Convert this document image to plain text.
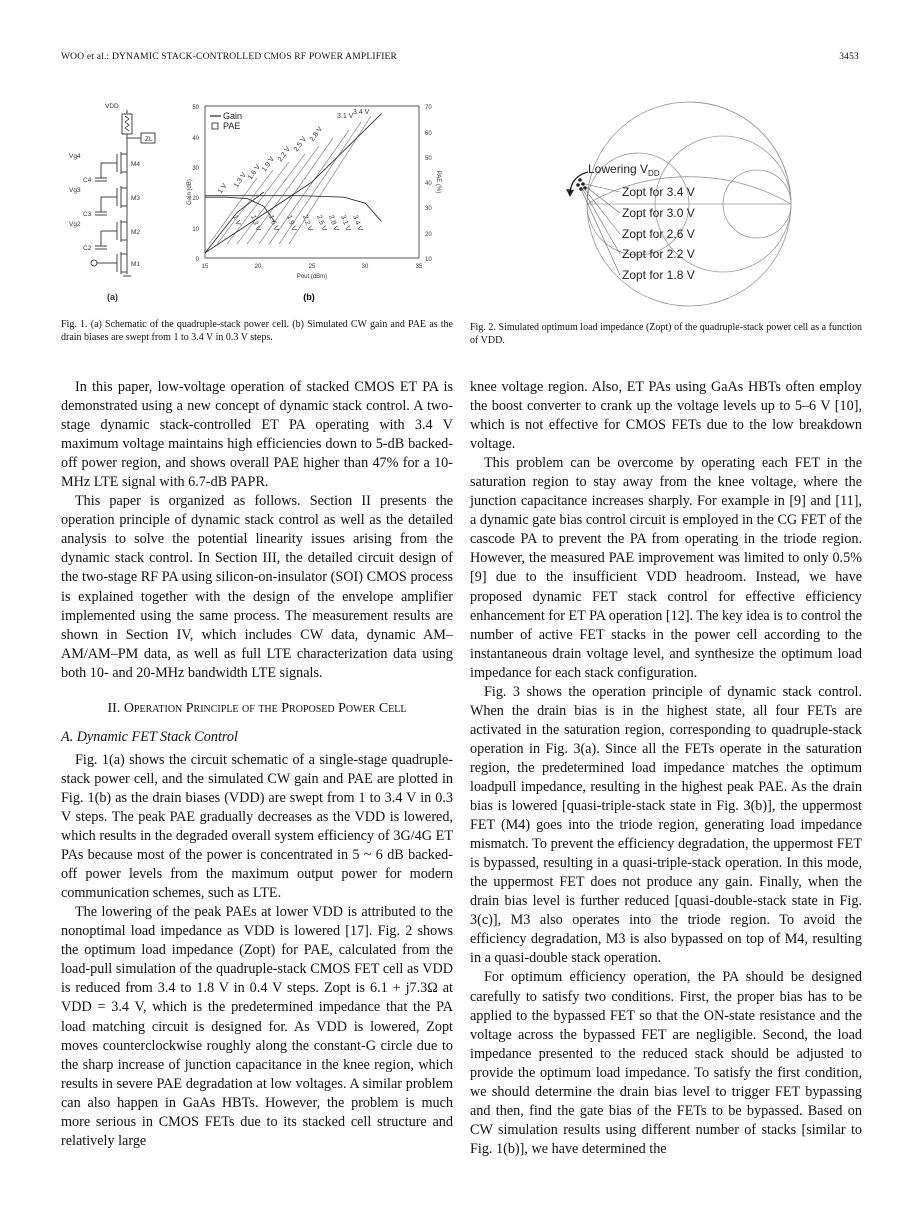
WOO et al.: DYNAMIC STACK-CONTROLLED CMOS RF POWER AMPLIFIER	3453
VDD
ZL
Vg4
Vg3
Vg2
C4
C3
C2
M4
M3
M2
M1
(a)
50
40
30
20
10
0
70
60
50
40
30
20
10
15	20	25	30	35
Pout (dBm)
Gain (dB)	PAE (%)
Gain
PAE
1 V 1.3 V
1.6 V
1.9 V
2.2 V
2.5 V
2.8 V
3.1 V
3.4 V
1 V 1.3 V 1.6 V 1.9 V 2.2 V 2.5 V 2.8 V 3.1 V 3.4 V
(b)
Fig. 1. (a) Schematic of the quadruple-stack power cell. (b) Simulated CW gain and PAE as the drain biases are swept from 1 to 3.4 V in 0.3 V steps.
Lowering $V_{DD}$
Zopt for 3.4 V
Zopt for 3.0 V
Zopt for 2.6 V
Zopt for 2.2 V
Zopt for 1.8 V
Fig. 2. Simulated optimum load impedance (Zopt) of the quadruple-stack power cell as a function of VDD.

In this paper, low-voltage operation of stacked CMOS ET PA is demonstrated using a new concept of dynamic stack control. A two-stage dynamic stack-controlled ET PA operating with 3.4 V maximum voltage maintains high efficiencies down to 5-dB backed-off power region, and shows overall PAE higher than 47% for a 10-MHz LTE signal with 6.7-dB PAPR.

This paper is organized as follows. Section II presents the operation principle of dynamic stack control as well as the detailed analysis to solve the potential linearity issues arising from the dynamic stack control. In Section III, the detailed circuit design of the two-stage RF PA using silicon-on-insulator (SOI) CMOS process is explained together with the design of the envelope amplifier implemented using the same process. The measurement results are shown in Section IV, which includes CW data, dynamic AM–AM/AM–PM data, as well as full LTE characterization data using both 10- and 20-MHz bandwidth LTE signals.

II. Operation Principle of the Proposed Power Cell
A. Dynamic FET Stack Control

Fig. 1(a) shows the circuit schematic of a single-stage quadruple-stack power cell, and the simulated CW gain and PAE are plotted in Fig. 1(b) as the drain biases (VDD) are swept from 1 to 3.4 V in 0.3 V steps. The peak PAE gradually decreases as the VDD is lowered, which results in the degraded overall system efficiency of 3G/4G ET PAs because most of the power is concentrated in 5 ~ 6 dB backed-off power levels from the maximum output power for modern communication schemes, such as LTE.

The lowering of the peak PAEs at lower VDD is attributed to the nonoptimal load impedance as VDD is lowered [17]. Fig. 2 shows the optimum load impedance (Zopt) for PAE, calculated from the load-pull simulation of the quadruple-stack CMOS FET cell as VDD is reduced from 3.4 to 1.8 V in 0.4 V steps. Zopt is 6.1 + j7.3Ω at VDD = 3.4 V, which is the predetermined impedance that the PA load matching circuit is designed for. As VDD is lowered, Zopt moves counterclockwise roughly along the constant-G circle due to the sharp increase of junction capacitance in the knee region, which results in severe PAE degradation at low voltages. A similar problem can also happen in GaAs HBTs. However, the problem is much more serious in CMOS FETs due to its stacked cell structure and relatively large

knee voltage region. Also, ET PAs using GaAs HBTs often employ the boost converter to crank up the voltage levels up to 5–6 V [10], which is not effective for CMOS FETs due to the low breakdown voltage.

This problem can be overcome by operating each FET in the saturation region to stay away from the knee voltage, where the junction capacitance increases sharply. For example in [9] and [11], a dynamic gate bias control circuit is employed in the CG FET of the cascode PA to prevent the PA from operating in the triode region. However, the measured PAE improvement was limited to only 0.5% [9] due to the insufficient VDD headroom. Instead, we have proposed dynamic FET stack control for effective efficiency enhancement for ET PA operation [12]. The key idea is to control the number of active FET stacks in the power cell according to the instantaneous drain voltage level, and synthesize the optimum load impedance for each stack configuration.

Fig. 3 shows the operation principle of dynamic stack control. When the drain bias is in the highest state, all four FETs are activated in the saturation region, corresponding to quadruple-stack operation in Fig. 3(a). Since all the FETs operate in the saturation region, the predetermined load impedance matches the optimum loadpull impedance, resulting in the highest peak PAE. As the drain bias is lowered [quasi-triple-stack state in Fig. 3(b)], the uppermost FET (M4) goes into the triode region, generating load impedance mismatch. To prevent the efficiency degradation, the uppermost FET is bypassed, resulting in a quasi-triple-stack operation. In this mode, the uppermost FET does not produce any gain. Finally, when the drain bias level is further reduced [quasi-double-stack state in Fig. 3(c)], M3 also operates into the triode region. To avoid the efficiency degradation, M3 is also bypassed on top of M4, resulting in a quasi-double stack operation.

For optimum efficiency operation, the PA should be designed carefully to satisfy two conditions. First, the proper bias has to be applied to the bypassed FET so that the ON-state resistance and the voltage across the bypassed FET are negligible. Second, the load impedance presented to the reduced stack should be adjusted to provide the optimum load impedance. To satisfy the first condition, we should determine the drain bias level to trigger FET bypassing and then, find the gate bias of the FETs to be bypassed. Based on CW simulation results using different number of stacks [similar to Fig. 1(b)], we have determined the
